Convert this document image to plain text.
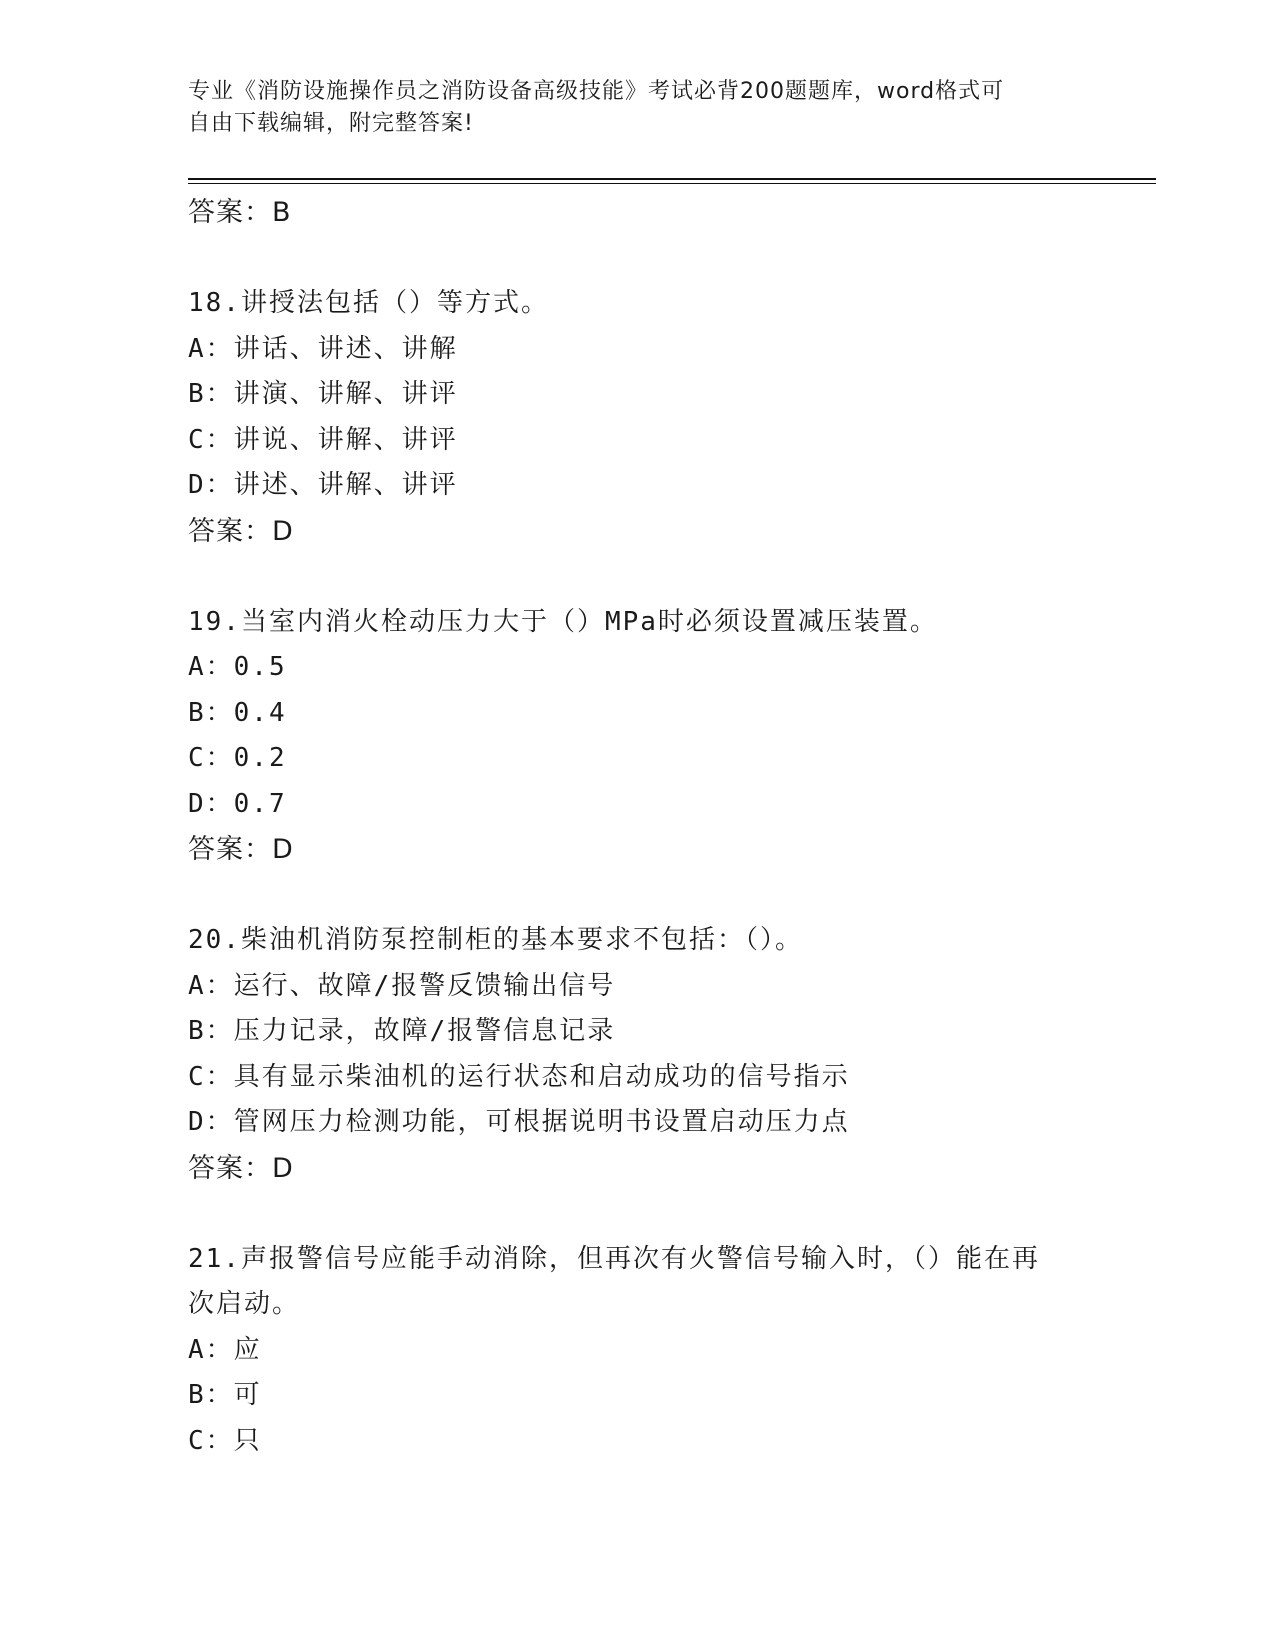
专业《消防设施操作员之消防设备高级技能》考试必背200题题库，word格式可
自由下载编辑，附完整答案!
答案：B
18.讲授法包括（）等方式。
A：讲话、讲述、讲解
B：讲演、讲解、讲评
C：讲说、讲解、讲评
D：讲述、讲解、讲评
答案：D
19.当室内消火栓动压力大于（）MPa时必须设置减压装置。
A：0.5
B：0.4
C：0.2
D：0.7
答案：D
20.柴油机消防泵控制柜的基本要求不包括：（）。
A：运行、故障/报警反馈输出信号
B：压力记录，故障/报警信息记录
C：具有显示柴油机的运行状态和启动成功的信号指示
D：管网压力检测功能，可根据说明书设置启动压力点
答案：D
21.声报警信号应能手动消除，但再次有火警信号输入时，（）能在再
次启动。
A：应
B：可
C：只
